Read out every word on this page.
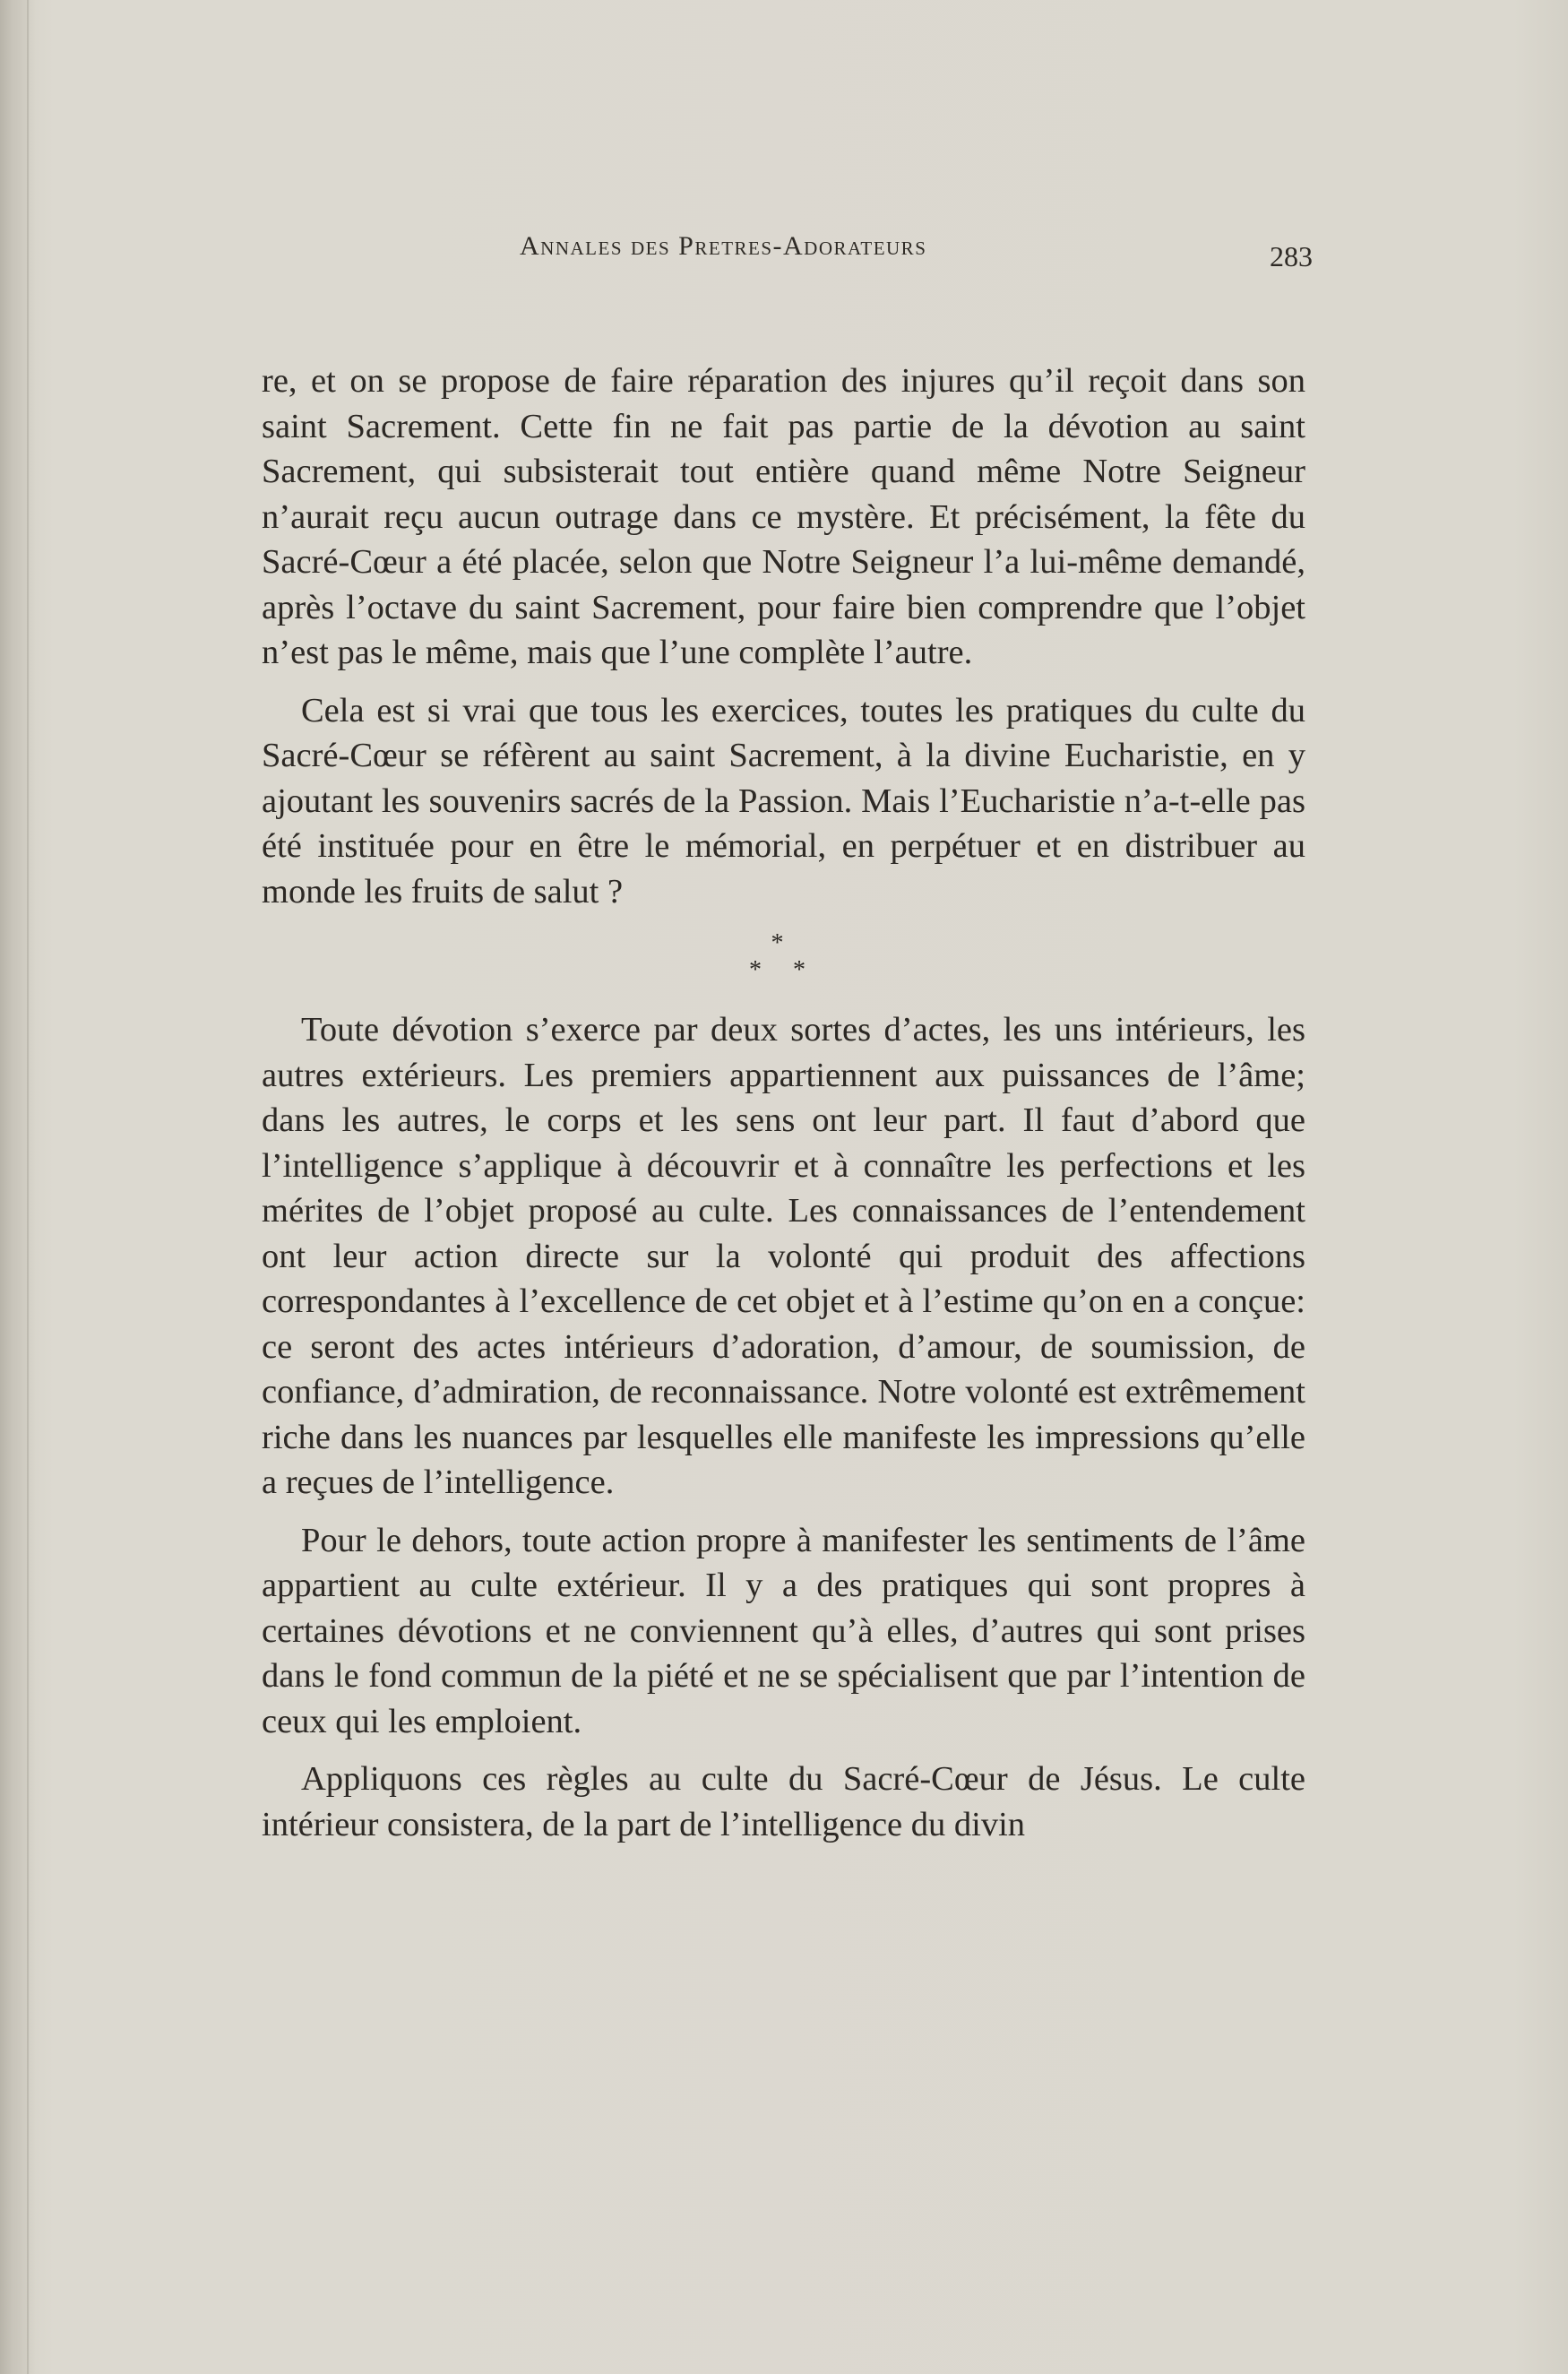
Annales des Pretres-Adorateurs	283

re, et on se propose de faire réparation des injures qu’il reçoit dans son saint Sacrement. Cette fin ne fait pas partie de la dévotion au saint Sacrement, qui subsisterait tout entière quand même Notre Seigneur n’aurait reçu aucun outrage dans ce mystère. Et précisément, la fête du Sacré-Cœur a été placée, selon que Notre Seigneur l’a lui-même demandé, après l’octave du saint Sacrement, pour faire bien comprendre que l’objet n’est pas le même, mais que l’une complète l’autre.

Cela est si vrai que tous les exercices, toutes les pratiques du culte du Sacré-Cœur se réfèrent au saint Sacrement, à la divine Eucharistie, en y ajoutant les souvenirs sacrés de la Passion. Mais l’Eucharistie n’a-t-elle pas été instituée pour en être le mémorial, en perpétuer et en distribuer au monde les fruits de salut ?

*
* *

Toute dévotion s’exerce par deux sortes d’actes, les uns intérieurs, les autres extérieurs. Les premiers appartiennent aux puissances de l’âme; dans les autres, le corps et les sens ont leur part. Il faut d’abord que l’intelligence s’applique à découvrir et à connaître les perfections et les mérites de l’objet proposé au culte. Les connaissances de l’entendement ont leur action directe sur la volonté qui produit des affections correspondantes à l’excellence de cet objet et à l’estime qu’on en a conçue: ce seront des actes intérieurs d’adoration, d’amour, de soumission, de confiance, d’admiration, de reconnaissance. Notre volonté est extrêmement riche dans les nuances par lesquelles elle manifeste les impressions qu’elle a reçues de l’intelligence.

Pour le dehors, toute action propre à manifester les sentiments de l’âme appartient au culte extérieur. Il y a des pratiques qui sont propres à certaines dévotions et ne conviennent qu’à elles, d’autres qui sont prises dans le fond commun de la piété et ne se spécialisent que par l’intention de ceux qui les emploient.

Appliquons ces règles au culte du Sacré-Cœur de Jésus. Le culte intérieur consistera, de la part de l’intelligence du divin
